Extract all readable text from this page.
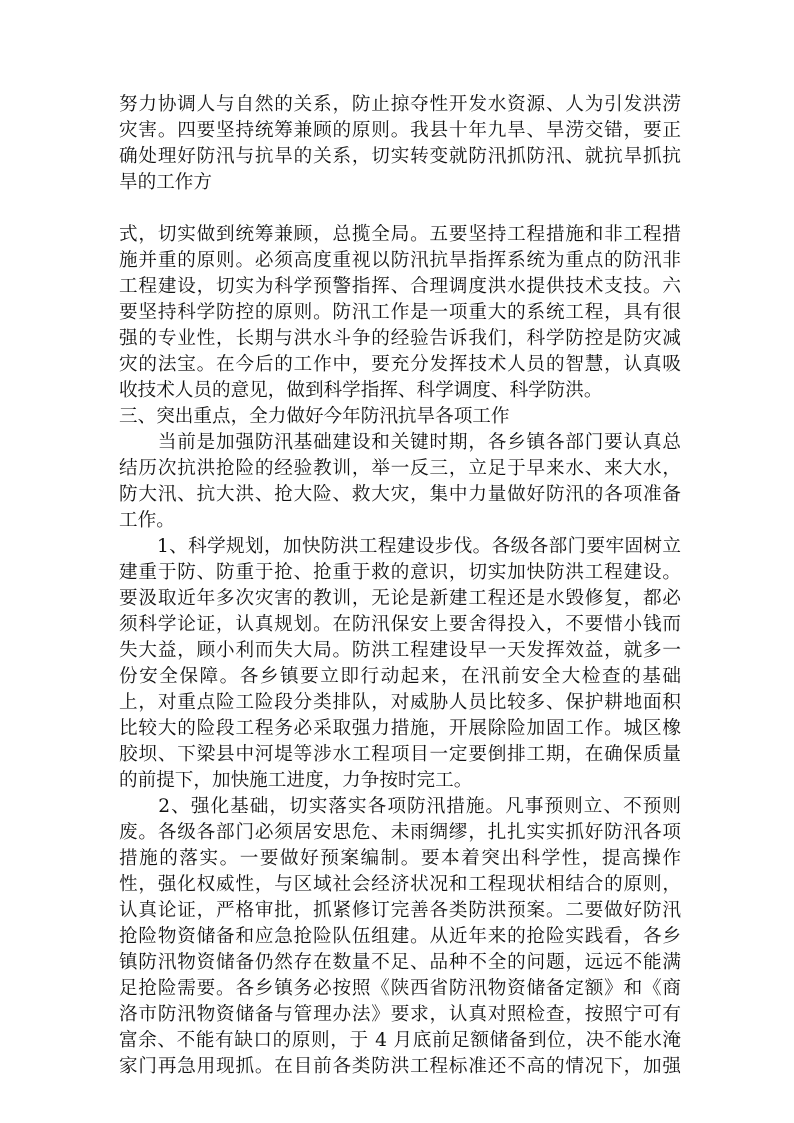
努力协调人与自然的关系，防止掠夺性开发水资源、人为引发洪涝
灾害。四要坚持统筹兼顾的原则。我县十年九旱、旱涝交错，要正
确处理好防汛与抗旱的关系，切实转变就防汛抓防汛、就抗旱抓抗
旱的工作方
式，切实做到统筹兼顾，总揽全局。五要坚持工程措施和非工程措
施并重的原则。必须高度重视以防汛抗旱指挥系统为重点的防汛非
工程建设，切实为科学预警指挥、合理调度洪水提供技术支技。六
要坚持科学防控的原则。防汛工作是一项重大的系统工程，具有很
强的专业性，长期与洪水斗争的经验告诉我们，科学防控是防灾减
灾的法宝。在今后的工作中，要充分发挥技术人员的智慧，认真吸
收技术人员的意见，做到科学指挥、科学调度、科学防洪。
三、突出重点，全力做好今年防汛抗旱各项工作
　　当前是加强防汛基础建设和关键时期，各乡镇各部门要认真总
结历次抗洪抢险的经验教训，举一反三，立足于早来水、来大水，
防大汛、抗大洪、抢大险、救大灾，集中力量做好防汛的各项准备
工作。
　　1、科学规划，加快防洪工程建设步伐。各级各部门要牢固树立
建重于防、防重于抢、抢重于救的意识，切实加快防洪工程建设。
要汲取近年多次灾害的教训，无论是新建工程还是水毁修复，都必
须科学论证，认真规划。在防汛保安上要舍得投入，不要惜小钱而
失大益，顾小利而失大局。防洪工程建设早一天发挥效益，就多一
份安全保障。各乡镇要立即行动起来，在汛前安全大检查的基础
上，对重点险工险段分类排队，对威胁人员比较多、保护耕地面积
比较大的险段工程务必采取强力措施，开展除险加固工作。城区橡
胶坝、下梁县中河堤等涉水工程项目一定要倒排工期，在确保质量
的前提下，加快施工进度，力争按时完工。
　　2、强化基础，切实落实各项防汛措施。凡事预则立、不预则
废。各级各部门必须居安思危、未雨绸缪，扎扎实实抓好防汛各项
措施的落实。一要做好预案编制。要本着突出科学性，提高操作
性，强化权威性，与区域社会经济状况和工程现状相结合的原则，
认真论证，严格审批，抓紧修订完善各类防洪预案。二要做好防汛
抢险物资储备和应急抢险队伍组建。从近年来的抢险实践看，各乡
镇防汛物资储备仍然存在数量不足、品种不全的问题，远远不能满
足抢险需要。各乡镇务必按照《陕西省防汛物资储备定额》和《商
洛市防汛物资储备与管理办法》要求，认真对照检查，按照宁可有
富余、不能有缺口的原则，于 4 月底前足额储备到位，决不能水淹
家门再急用现抓。在目前各类防洪工程标准还不高的情况下，加强
